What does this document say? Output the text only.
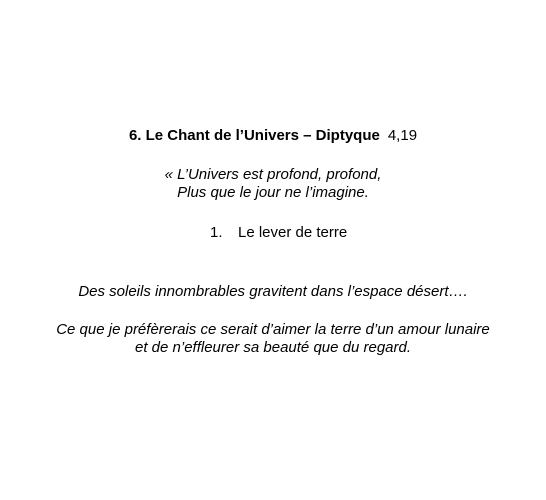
6. Le Chant de l’Univers – Diptyque 4,19
« L’Univers est profond, profond,
Plus que le jour ne l’imagine.
1. Le lever de terre
Des soleils innombrables gravitent dans l’espace désert….
Ce que je préfèrerais ce serait d’aimer la terre d’un amour lunaire
et de n’effleurer sa beauté que du regard.
